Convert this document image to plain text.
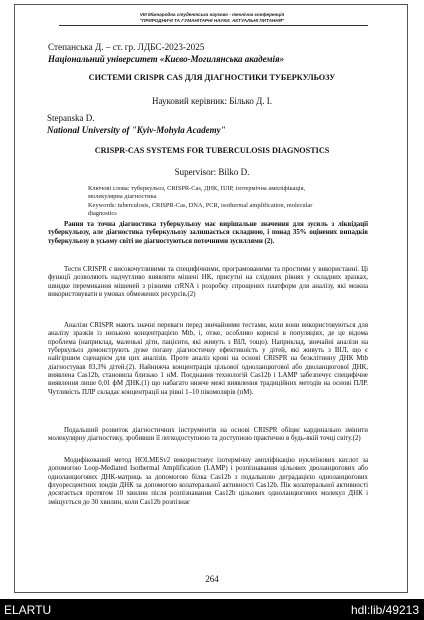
VIII Міжнародна студентська науково - технічна конференція
"ПРИРОДНИЧІ ТА ГУМАНІТАРНІ НАУКИ. АКТУАЛЬНІ ПИТАННЯ"
Степанська Д. – ст. гр. ЛДБС-2023-2025
Національний університет «Києво-Могилянська академія»
СИСТЕМИ CRISPR CAS ДЛЯ ДІАГНОСТИКИ ТУБЕРКУЛЬОЗУ
Науковий керівник: Білько Д. І.
Stepanska D.
National University of "Kyiv-Mohyla Academy"
CRISPR-CAS SYSTEMS FOR TUBERCULOSIS DIAGNOSTICS
Supervisor: Bilko D.
Ключові слова: туберкульоз, CRISPR-Cas, ДНК, ПЛР, ізотермічна ампліфікація,
молекулярна діагностика
Keywords: tuberculosis, CRISPR-Cas, DNA, PCR, isothermal amplification, molecular
diagnostics

Рання та точна діагностика туберкульозу має вирішальне значення для зусиль з ліквідації туберкульозу, але діагностика туберкульозу залишається складною, і понад 35% оцінених випадків туберкульозу в усьому світі не діагностуються поточними зусиллями (2).

Тести CRISPR є високочутливими та специфічними, програмованими та простими у використанні. Ці функції дозволяють надчутливо виявляти мішені НК, присутні на слідових рівнях у складних зразках, швидке перемикання мішеней з різними crRNA і розробку спрощених платформ для аналізу, які можна використовувати в умовах обмежених ресурсів.(2)

Аналізи CRISPR мають значні переваги перед звичайними тестами, коли вони використовуються для аналізу зразків із низькою концентрацією Mtb, і, отже, особливо корисні в популяціях, де це відома проблема (наприклад, маленькі діти, пацієнти, які живуть з ВІЛ, тощо). Наприклад, звичайні аналізи на туберкульоз демонструють дуже погану діагностичну ефективність у дітей, які живуть з ВІЛ, що є найгіршим сценарієм для цих аналізів. Проте аналіз крові на основі CRISPR на безклітинну ДНК Mtb діагностував 83,3% дітей.(2). Найнижча концентрація цільової одноланцюгової або дволанцюгової ДНК, виявлена Cas12b, становила близько 1 нМ. Поєднання технологій Cas12b і LAMP забезпечує специфічне виявлення лише 0,01 фМ ДНК.(1) що набагато нижче межі виявлення традиційних методів на основі ПЛР. Чутливість ПЛР складає концентрації на рівні 1–10 пікомолярів (пМ).

Подальший розвиток діагностичних інструментів на основі CRISPR обіцяє кардинально змінити молекулярну діагностику, зробивши її легкодоступною та доступною практично в будь-якій точці світу.(2)

Модифікований метод HOLMESv2 використовує ізотермічну ампліфікацію нуклеїнових кислот за допомогою Loop-Mediated Isothermal Amplification (LAMP) і розпізнавання цільових дволанцюгових або одноланцюгових ДНК-матриць за допомогою білка Cas12b з подальшою деградацією одноланцюгових флуоресцентних зондів ДНК за допомогою колатеральної активності Cas12b. Пік колатеральної активності досягається протягом 10 хвилин після розпізнавання Cas12b цільових одноланцюгових молекул ДНК і зміщується до 30 хвилин, коли Cas12b розпізнає

264
ELARTU	hdl:lib/49213
